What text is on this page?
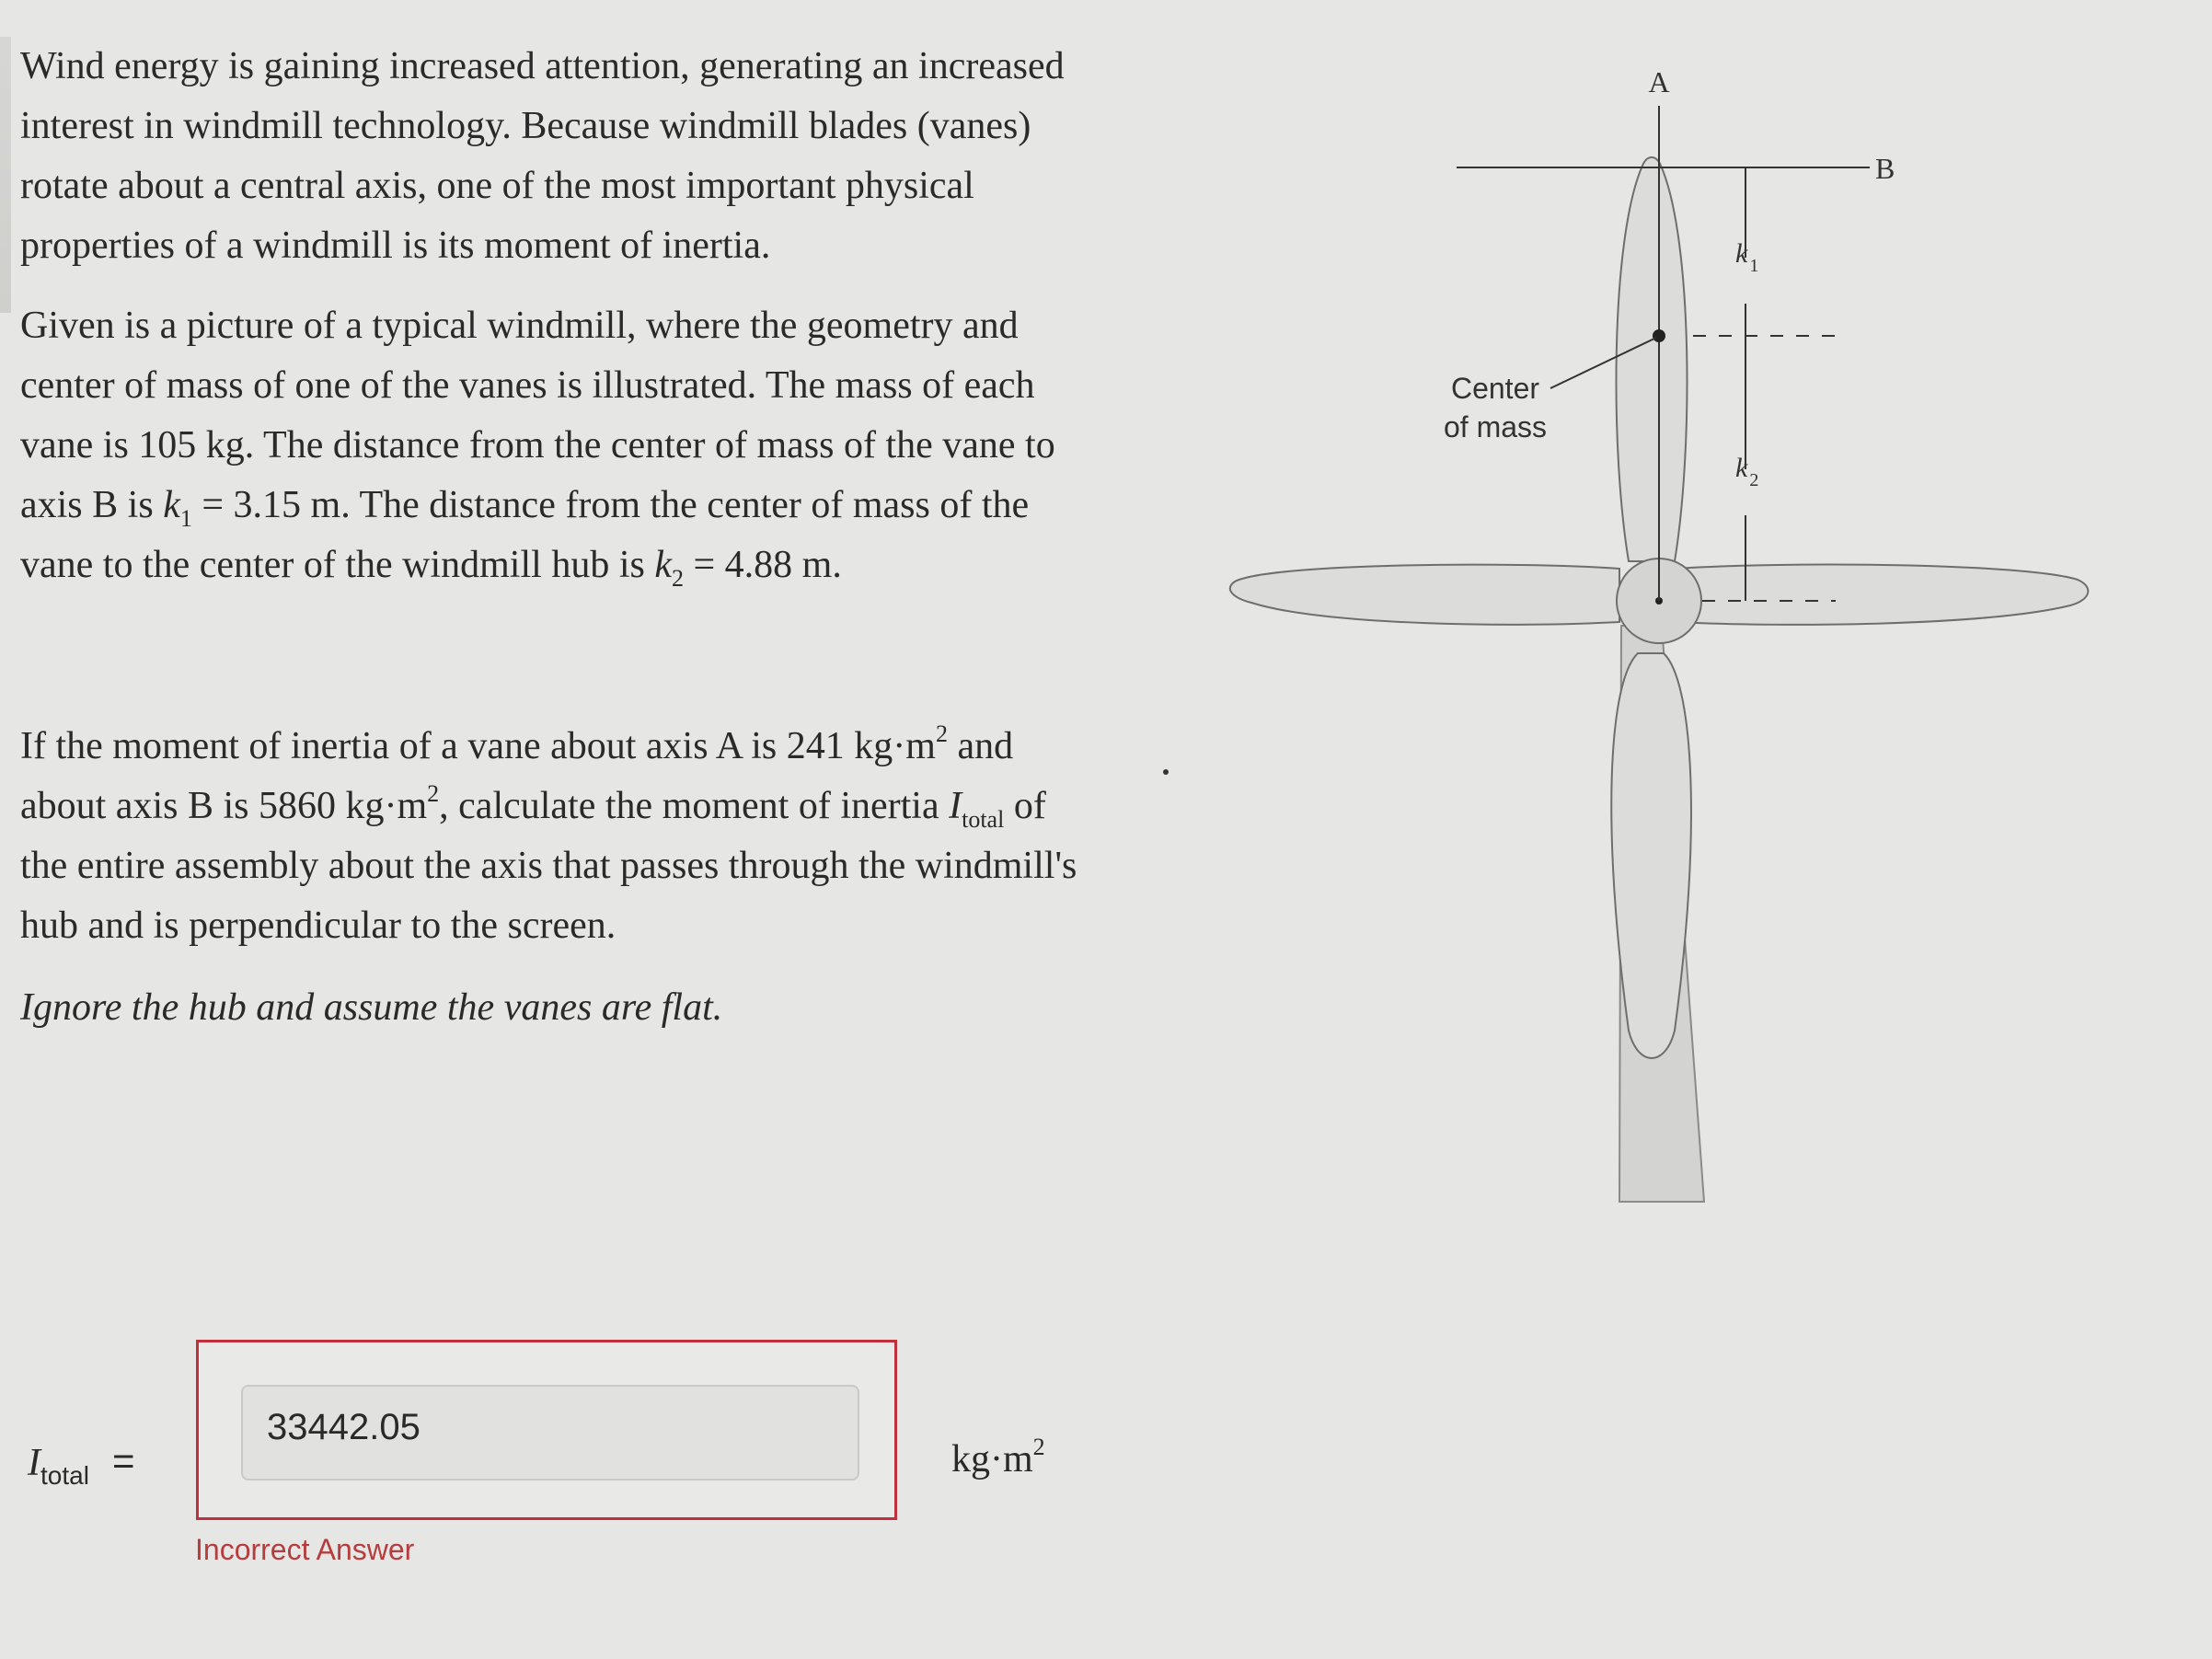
Wind energy is gaining increased attention, generating an increased interest in windmill technology. Because windmill blades (vanes) rotate about a central axis, one of the most important physical properties of a windmill is its moment of inertia.

Given is a picture of a typical windmill, where the geometry and center of mass of one of the vanes is illustrated. The mass of each vane is 105 kg. The distance from the center of mass of the vane to axis B is $k_1 = 3.15$ m. The distance from the center of mass of the vane to the center of the windmill hub is $k_2 = 4.88$ m.

If the moment of inertia of a vane about axis A is 241 $kg\cdot m^2$ and about axis B is 5860 $kg\cdot m^2$, calculate the moment of inertia $I_{total}$ of the entire assembly about the axis that passes through the windmill's hub and is perpendicular to the screen.

Ignore the hub and assume the vanes are flat.
$I_{total}$ =
33442.05
$kg\cdot m^2$
Incorrect Answer
A
B
Center
of mass
k $_1$
k $_2$
